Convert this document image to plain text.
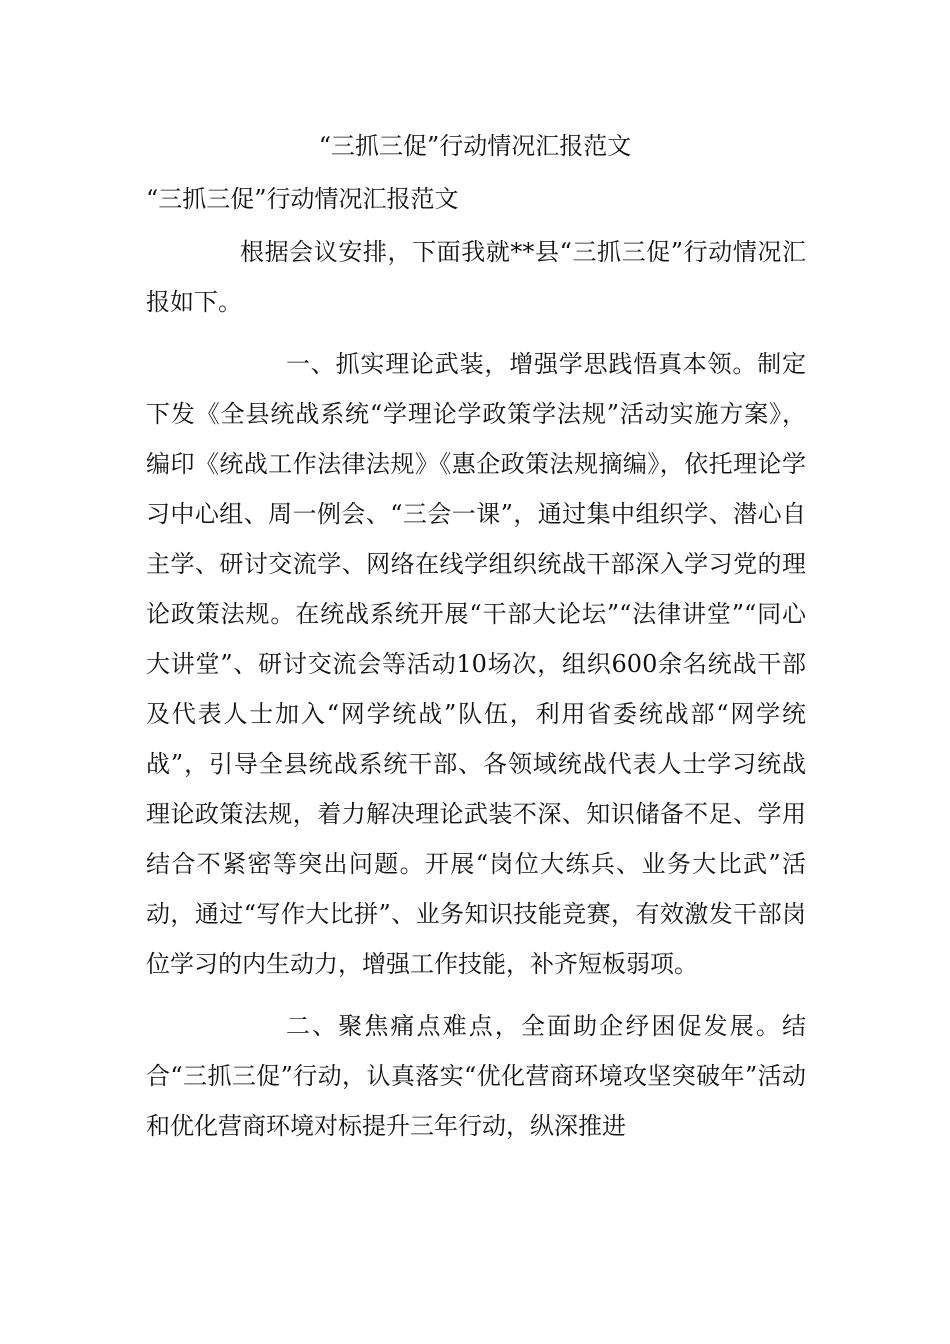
“三抓三促”行动情况汇报范文

“三抓三促”行动情况汇报范文

根据会议安排，下面我就**县“三抓三促”行动情况汇报如下。

一、抓实理论武装，增强学思践悟真本领。制定下发《全县统战系统“学理论学政策学法规”活动实施方案》，编印《统战工作法律法规》《惠企政策法规摘编》，依托理论学习中心组、周一例会、“三会一课”，通过集中组织学、潜心自主学、研讨交流学、网络在线学组织统战干部深入学习党的理论政策法规。在统战系统开展“干部大论坛”“法律讲堂”“同心大讲堂”、研讨交流会等活动10场次，组织600余名统战干部及代表人士加入“网学统战”队伍，利用省委统战部“网学统战”，引导全县统战系统干部、各领域统战代表人士学习统战理论政策法规，着力解决理论武装不深、知识储备不足、学用结合不紧密等突出问题。开展“岗位大练兵、业务大比武”活动，通过“写作大比拼”、业务知识技能竞赛，有效激发干部岗位学习的内生动力，增强工作技能，补齐短板弱项。

二、聚焦痛点难点，全面助企纾困促发展。结合“三抓三促”行动，认真落实“优化营商环境攻坚突破年”活动和优化营商环境对标提升三年行动，纵深推进
